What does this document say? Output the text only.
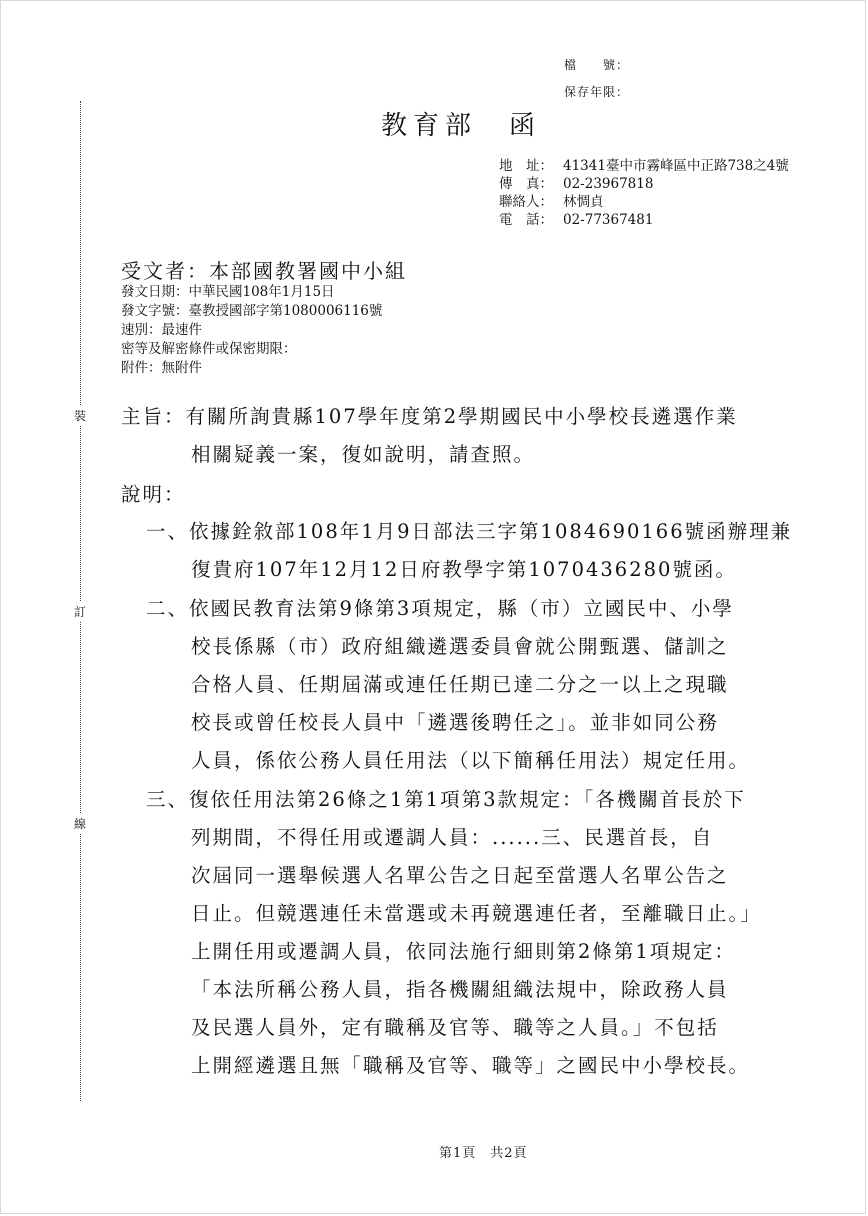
檔　　號：
保存年限：
教育部　函
地　址： 41341臺中市霧峰區中正路738之4號
傳　真： 02-23967818
聯絡人： 林惆貞
電　話： 02-77367481
受文者：本部國教署國中小組
發文日期：中華民國108年1月15日
發文字號：臺教授國部字第1080006116號
速別：最速件
密等及解密條件或保密期限：
附件：無附件
裝
訂
線
主旨：有關所詢貴縣107學年度第2學期國民中小學校長遴選作業
相關疑義一案，復如說明，請查照。
說明：
一、依據銓敘部108年1月9日部法三字第1084690166號函辦理兼
復貴府107年12月12日府教學字第1070436280號函。
二、依國民教育法第9條第3項規定，縣（市）立國民中、小學
校長係縣（市）政府組織遴選委員會就公開甄選、儲訓之
合格人員、任期屆滿或連任任期已達二分之一以上之現職
校長或曾任校長人員中「遴選後聘任之」。並非如同公務
人員，係依公務人員任用法（以下簡稱任用法）規定任用。
三、復依任用法第26條之1第1項第3款規定：「各機關首長於下
列期間，不得任用或遷調人員：......三、民選首長，自
次屆同一選舉候選人名單公告之日起至當選人名單公告之
日止。但競選連任未當選或未再競選連任者，至離職日止。」
上開任用或遷調人員，依同法施行細則第2條第1項規定：
「本法所稱公務人員，指各機關組織法規中，除政務人員
及民選人員外，定有職稱及官等、職等之人員。」不包括
上開經遴選且無「職稱及官等、職等」之國民中小學校長。
第1頁　共2頁
